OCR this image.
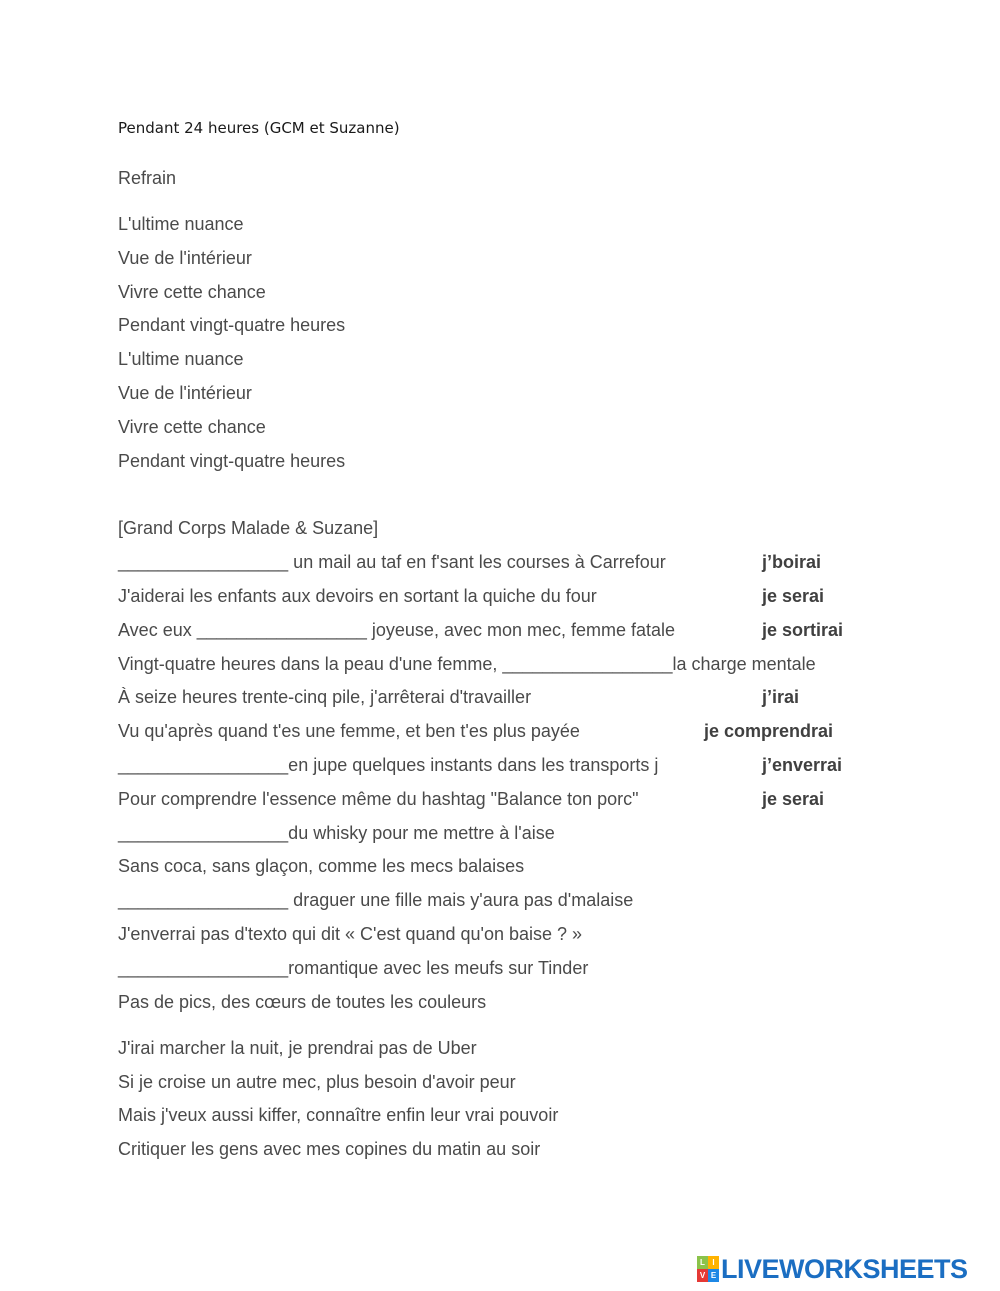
Pendant 24 heures (GCM et Suzanne)
Refrain
L'ultime nuance
Vue de l'intérieur
Vivre cette chance
Pendant vingt-quatre heures
L'ultime nuance
Vue de l'intérieur
Vivre cette chance
Pendant vingt-quatre heures
[Grand Corps Malade & Suzane]
_________________ un mail au taf en f'sant les courses à Carrefour
J'aiderai les enfants aux devoirs en sortant la quiche du four
Avec eux _________________ joyeuse, avec mon mec, femme fatale
Vingt-quatre heures dans la peau d'une femme, _________________la charge mentale
À seize heures trente-cinq pile, j'arrêterai d'travailler
Vu qu'après quand t'es une femme, et ben t'es plus payée
_________________en jupe quelques instants dans les transports j
Pour comprendre l'essence même du hashtag "Balance ton porc"
_________________du whisky pour me mettre à l'aise
Sans coca, sans glaçon, comme les mecs balaises
_________________ draguer une fille mais y'aura pas d'malaise
J'enverrai pas d'texto qui dit « C'est quand qu'on baise ? »
_________________romantique avec les meufs sur Tinder
Pas de pics, des cœurs de toutes les couleurs
j’boirai
je serai
je sortirai
j’irai
je comprendrai
j’enverrai
je serai
J'irai marcher la nuit, je prendrai pas de Uber
Si je croise un autre mec, plus besoin d'avoir peur
Mais j'veux aussi kiffer, connaître enfin leur vrai pouvoir
Critiquer les gens avec mes copines du matin au soir
L I
V E LIVEWORKSHEETS
